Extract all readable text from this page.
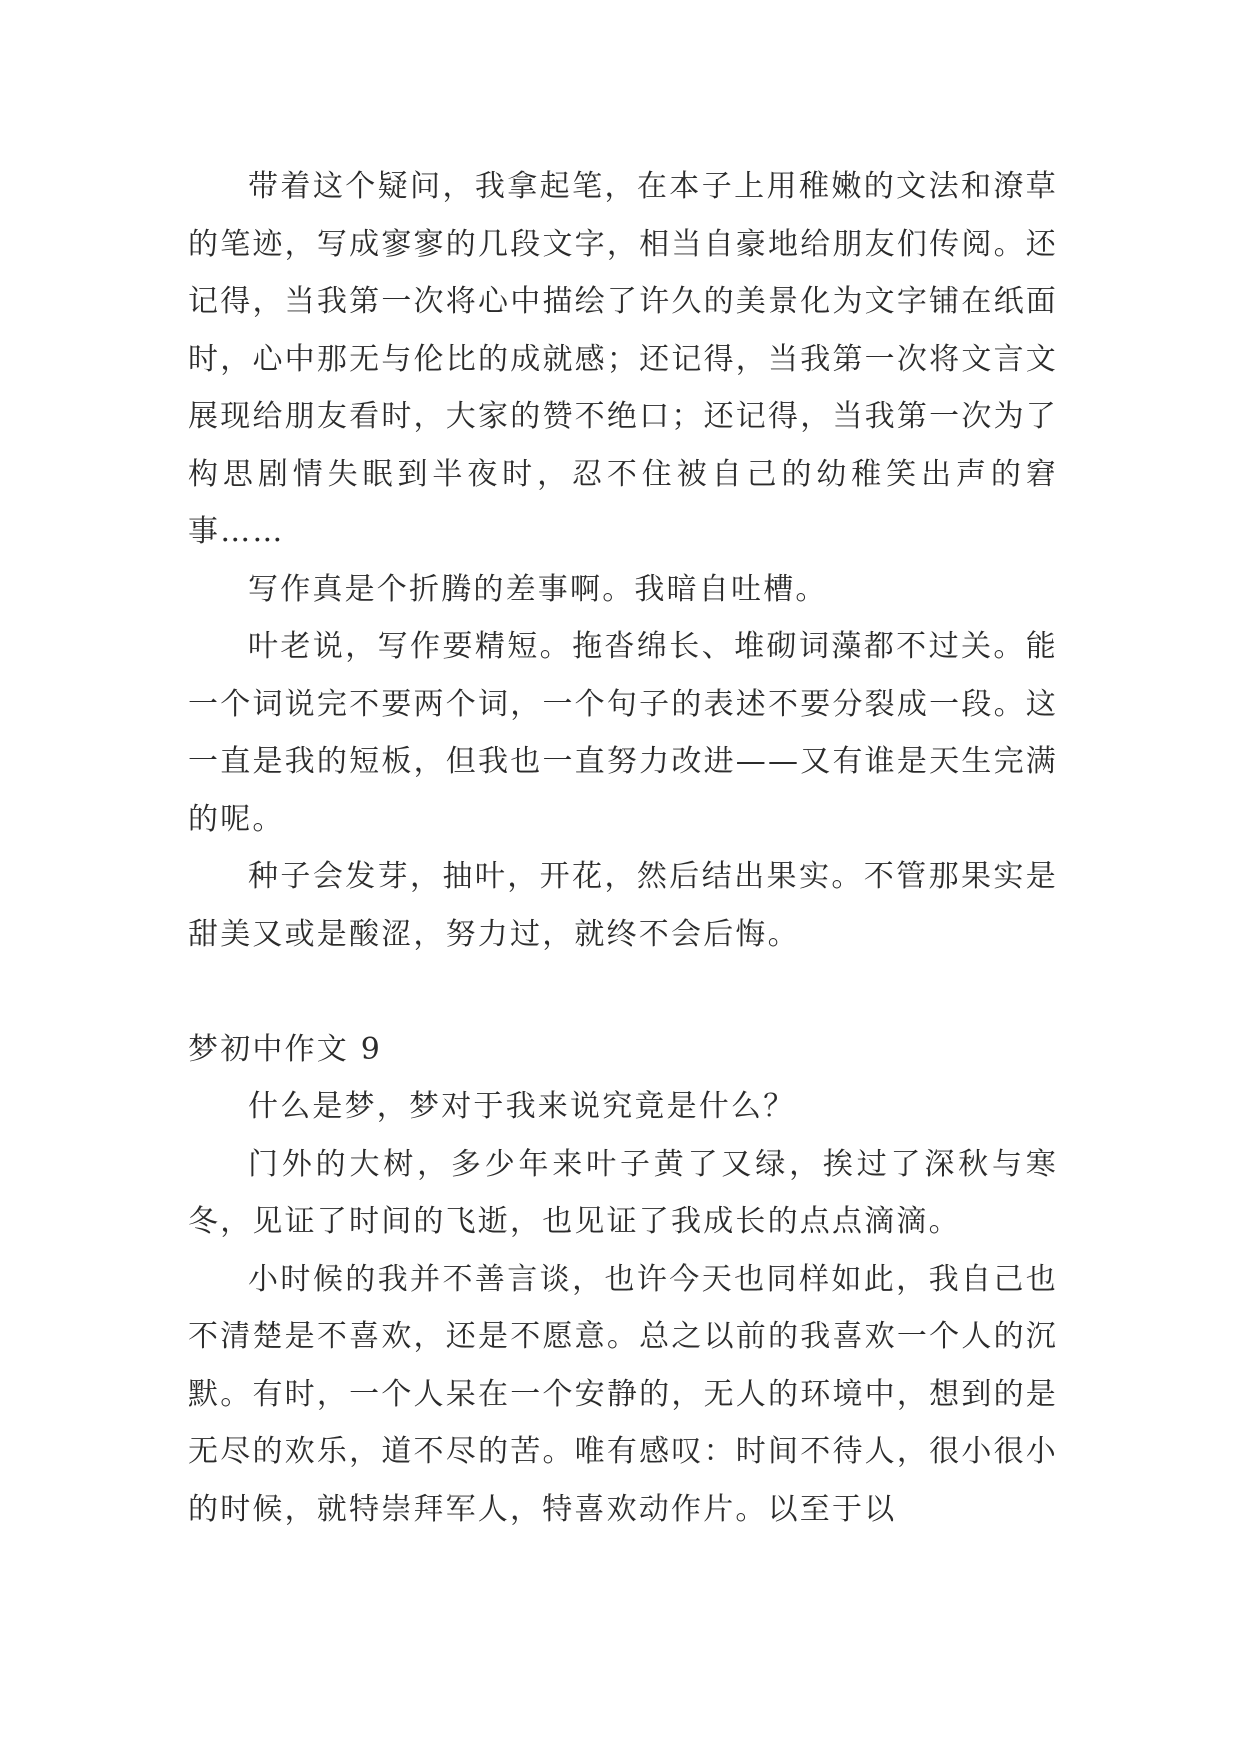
带着这个疑问，我拿起笔，在本子上用稚嫩的文法和潦草的笔迹，写成寥寥的几段文字，相当自豪地给朋友们传阅。还记得，当我第一次将心中描绘了许久的美景化为文字铺在纸面时，心中那无与伦比的成就感；还记得，当我第一次将文言文展现给朋友看时，大家的赞不绝口；还记得，当我第一次为了构思剧情失眠到半夜时，忍不住被自己的幼稚笑出声的窘事……

写作真是个折腾的差事啊。我暗自吐槽。

叶老说，写作要精短。拖沓绵长、堆砌词藻都不过关。能一个词说完不要两个词，一个句子的表述不要分裂成一段。这一直是我的短板，但我也一直努力改进——又有谁是天生完满的呢。

种子会发芽，抽叶，开花，然后结出果实。不管那果实是甜美又或是酸涩，努力过，就终不会后悔。

梦初中作文 9

什么是梦，梦对于我来说究竟是什么？

门外的大树，多少年来叶子黄了又绿，挨过了深秋与寒冬，见证了时间的飞逝，也见证了我成长的点点滴滴。

小时候的我并不善言谈，也许今天也同样如此，我自己也不清楚是不喜欢，还是不愿意。总之以前的我喜欢一个人的沉默。有时，一个人呆在一个安静的，无人的环境中，想到的是无尽的欢乐，道不尽的苦。唯有感叹：时间不待人，很小很小的时候，就特崇拜军人，特喜欢动作片。以至于以
